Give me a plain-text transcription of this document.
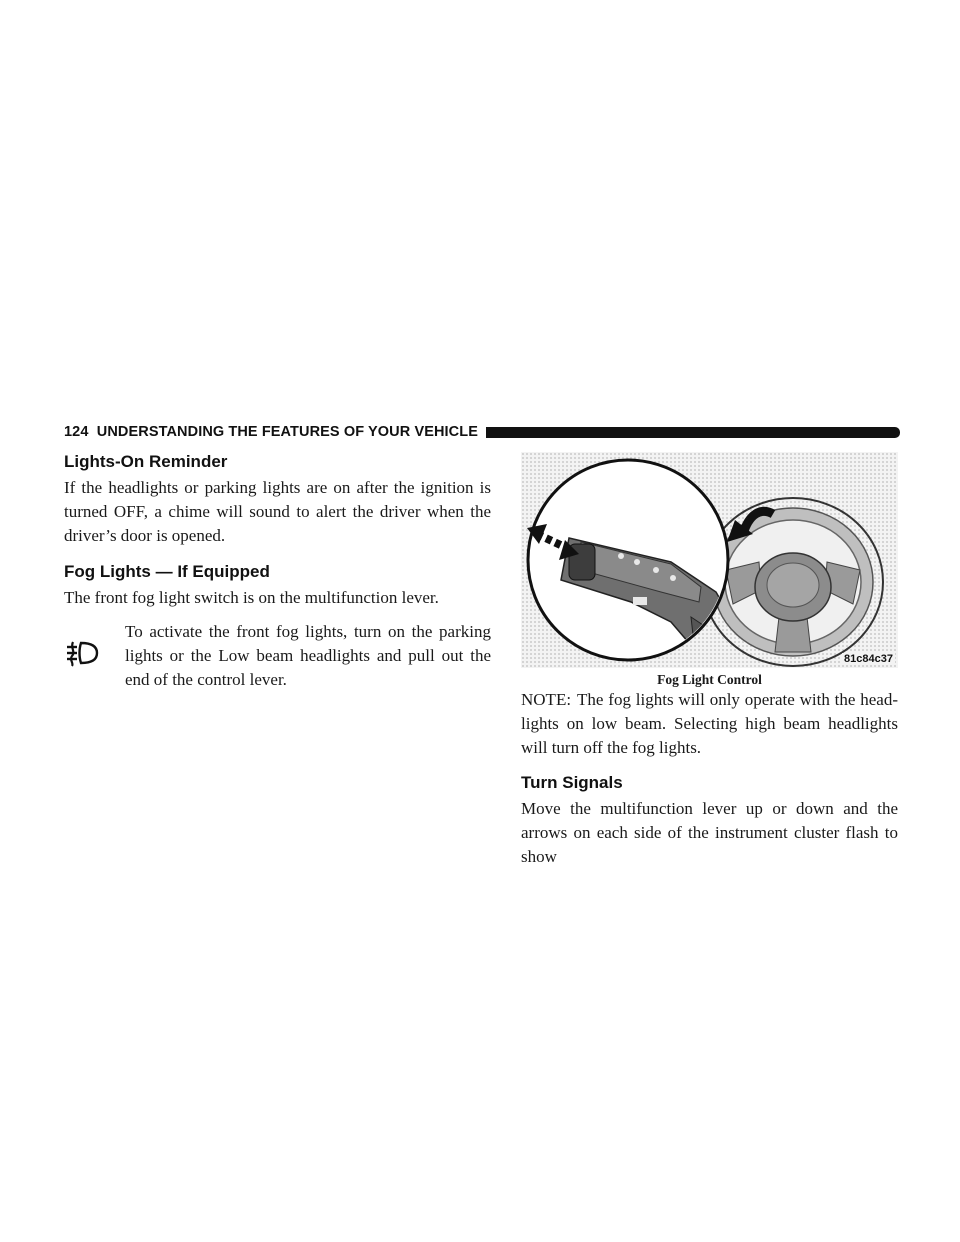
124 UNDERSTANDING THE FEATURES OF YOUR VEHICLE
Lights-On Reminder

If the headlights or parking lights are on after the ignition is turned OFF, a chime will sound to alert the driver when the driver’s door is opened.

Fog Lights — If Equipped

The front fog light switch is on the multifunction lever.

To activate the front fog lights, turn on the parking lights or the Low beam headlights and pull out the end of the control lever.

81c84c37
Fog Light Control

NOTE: The fog lights will only operate with the head-lights on low beam. Selecting high beam headlights will turn off the fog lights.

Turn Signals

Move the multifunction lever up or down and the arrows on each side of the instrument cluster flash to show
